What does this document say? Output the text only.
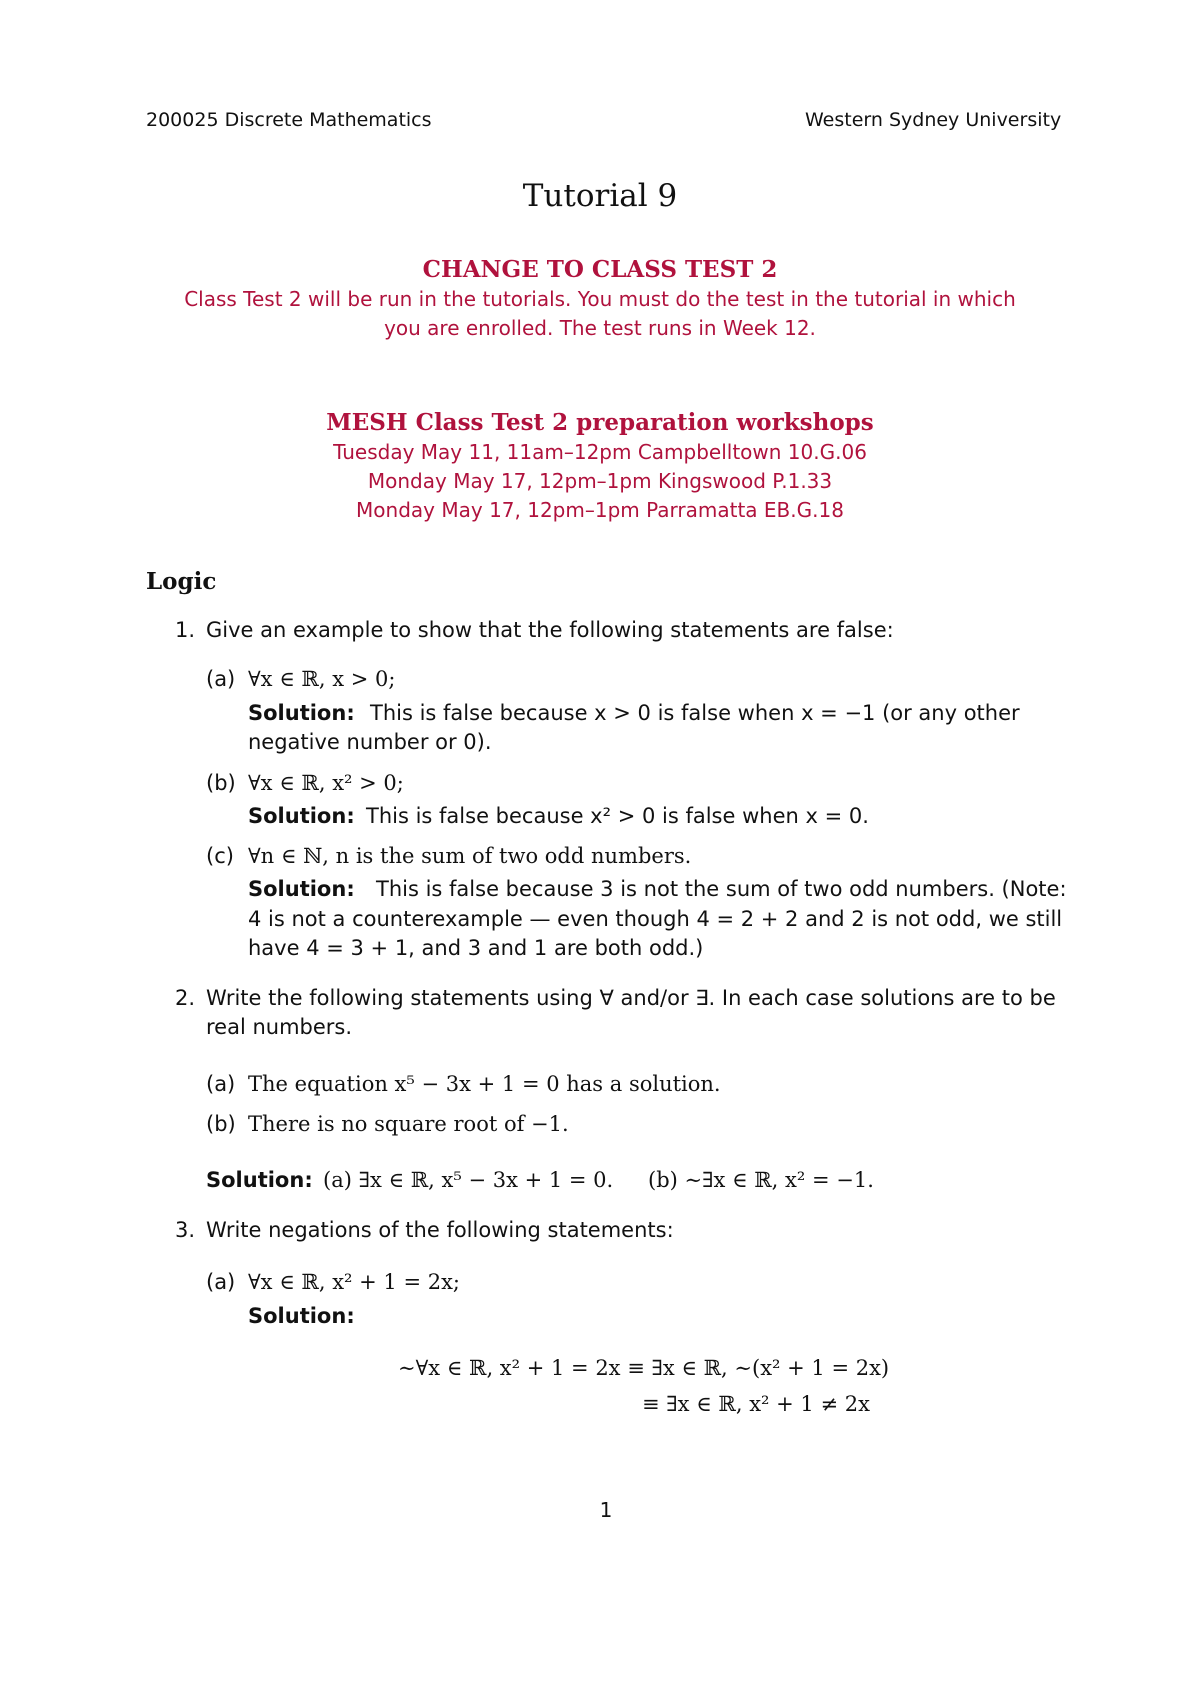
200025 Discrete Mathematics	Western Sydney University
Tutorial 9
CHANGE TO CLASS TEST 2
Class Test 2 will be run in the tutorials. You must do the test in the tutorial in which
you are enrolled. The test runs in Week 12.
MESH Class Test 2 preparation workshops
Tuesday May 11, 11am–12pm Campbelltown 10.G.06
Monday May 17, 12pm–1pm Kingswood P.1.33
Monday May 17, 12pm–1pm Parramatta EB.G.18
Logic
1. Give an example to show that the following statements are false:
(a) ∀x ∈ ℝ, x > 0;
Solution: This is false because x > 0 is false when x = −1 (or any other
negative number or 0).
(b) ∀x ∈ ℝ, x² > 0;
Solution: This is false because x² > 0 is false when x = 0.
(c) ∀n ∈ ℕ, n is the sum of two odd numbers.
Solution: This is false because 3 is not the sum of two odd numbers. (Note:
4 is not a counterexample — even though 4 = 2 + 2 and 2 is not odd, we still
have 4 = 3 + 1, and 3 and 1 are both odd.)
2. Write the following statements using ∀ and/or ∃. In each case solutions are to be
real numbers.
(a) The equation x⁵ − 3x + 1 = 0 has a solution.
(b) There is no square root of −1.
Solution: (a) ∃x ∈ ℝ, x⁵ − 3x + 1 = 0. (b) ∼∃x ∈ ℝ, x² = −1.
3. Write negations of the following statements:
(a) ∀x ∈ ℝ, x² + 1 = 2x;
Solution:
∼∀x ∈ ℝ, x² + 1 = 2x ≡ ∃x ∈ ℝ, ∼(x² + 1 = 2x)
≡ ∃x ∈ ℝ, x² + 1 ≠ 2x
1
